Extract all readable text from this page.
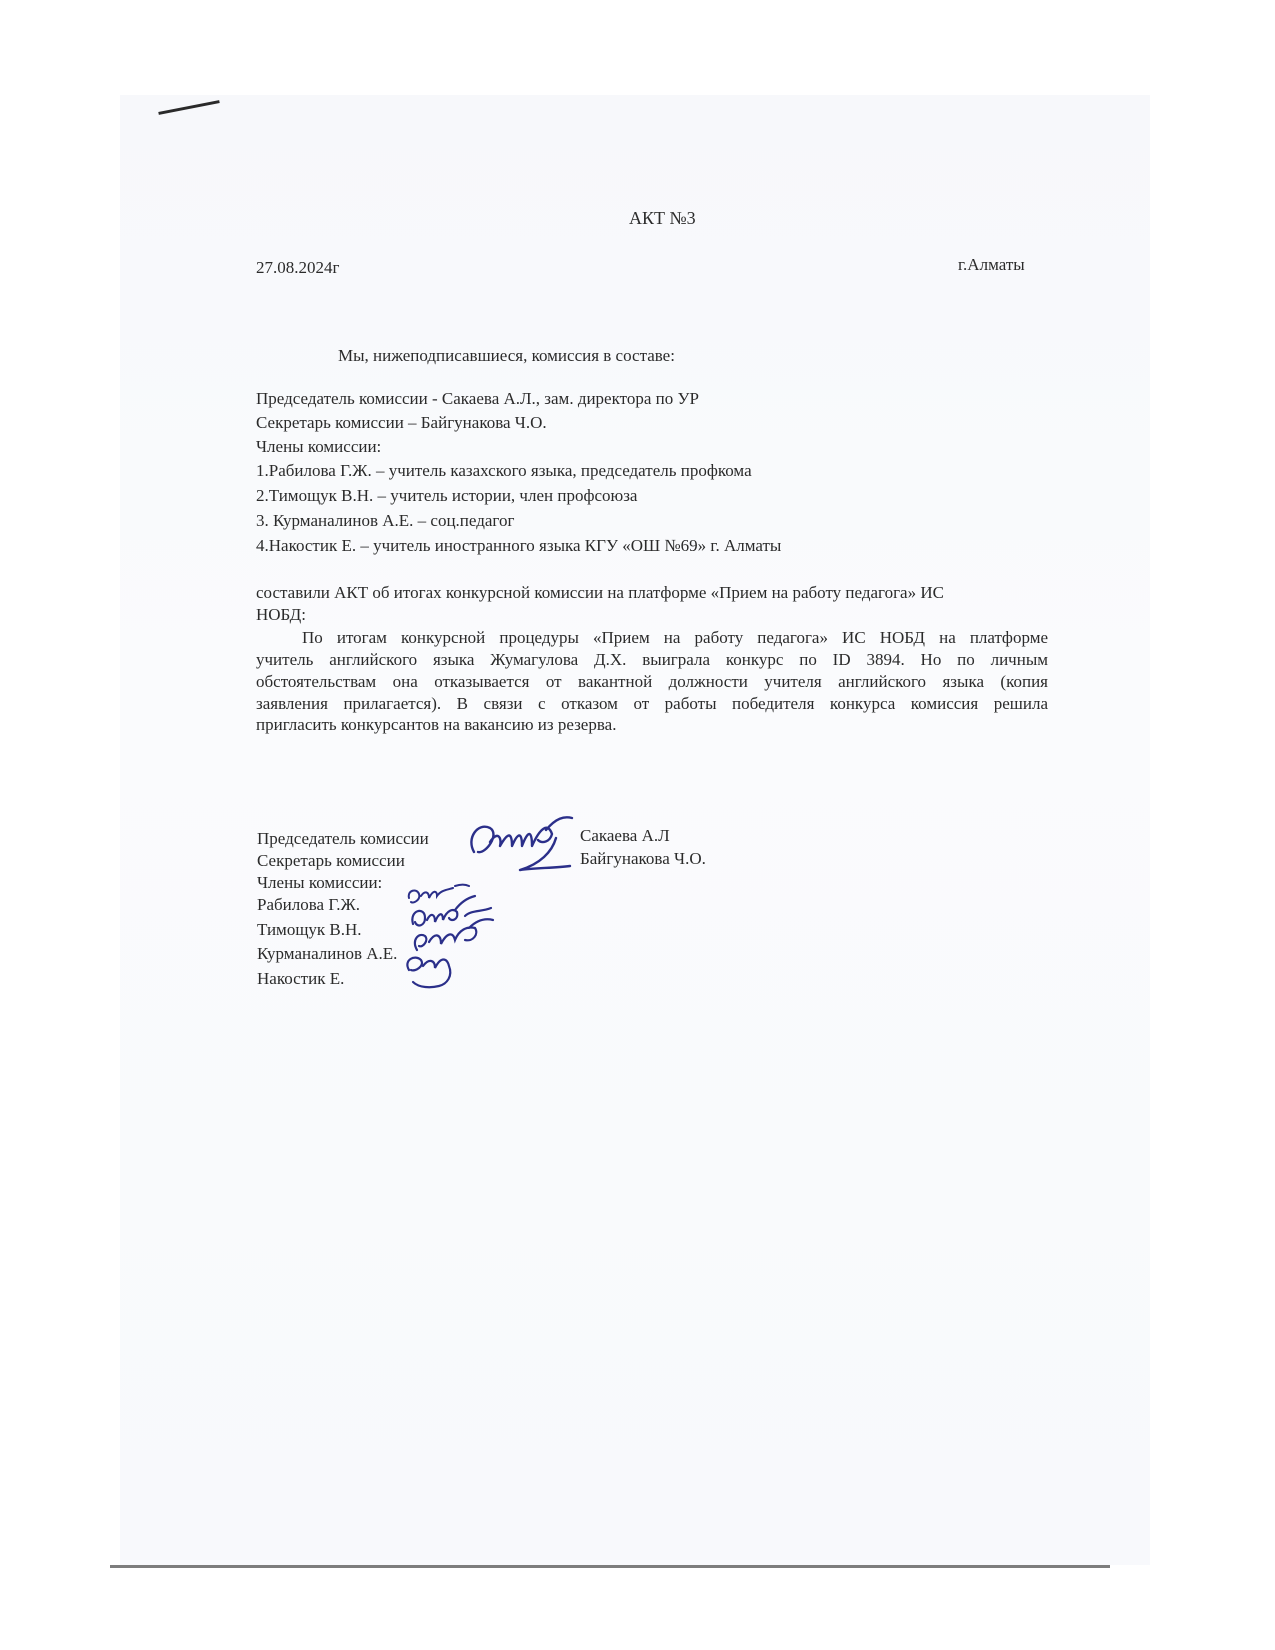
АКТ №3
27.08.2024г	г.Алматы
Мы, нижеподписавшиеся, комиссия в составе:
Председатель комиссии - Сакаева А.Л., зам. директора по УР
Секретарь комиссии – Байгунакова Ч.О.
Члены комиссии:
1.Рабилова Г.Ж. – учитель казахского языка, председатель профкома
2.Тимощук В.Н. – учитель истории, член профсоюза
3. Курманалинов А.Е. – соц.педагог
4.Накостик Е. – учитель иностранного языка КГУ «ОШ №69» г. Алматы
составили АКТ об итогах конкурсной комиссии на платформе «Прием на работу педагога» ИС
НОБД:
По итогам конкурсной процедуры «Прием на работу педагога» ИС НОБД на платформе
учитель английского языка Жумагулова Д.Х. выиграла конкурс по ID 3894. Но по личным
обстоятельствам она отказывается от вакантной должности учителя английского языка (копия
заявления прилагается). В связи с отказом от работы победителя конкурса комиссия решила
пригласить конкурсантов на вакансию из резерва.
Председатель комиссии
Секретарь комиссии
Члены комиссии:
Рабилова Г.Ж.
Тимощук В.Н.
Курманалинов А.Е.
Накостик Е.
Сакаева А.Л
Байгунакова Ч.О.
